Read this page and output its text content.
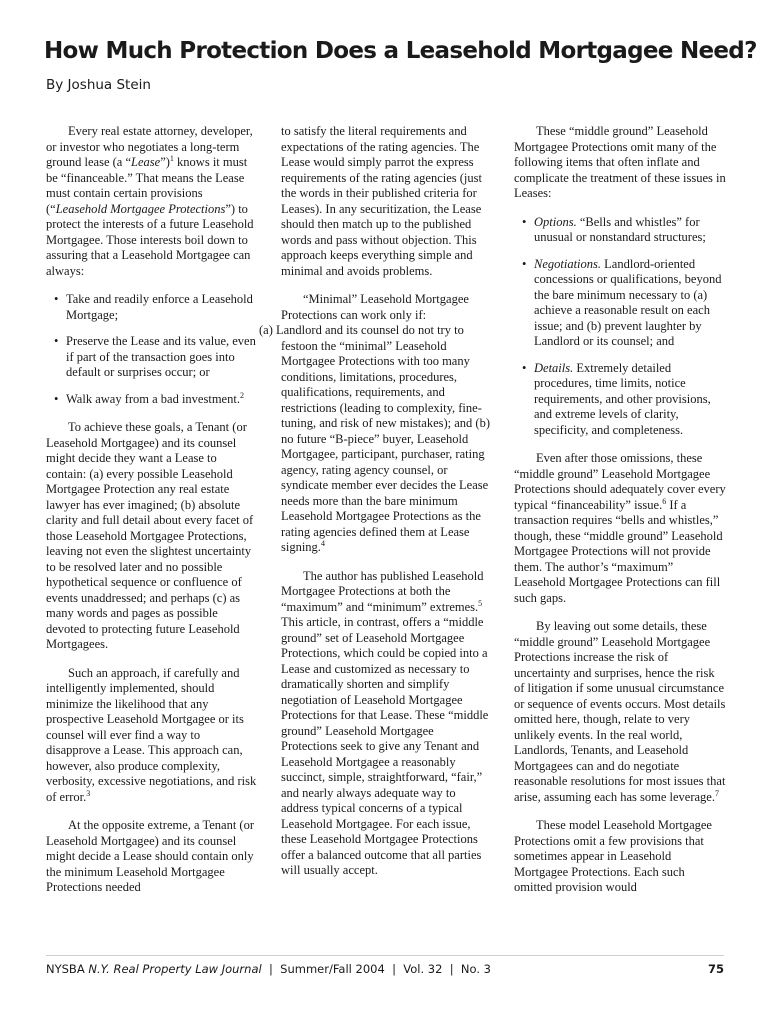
How Much Protection Does a Leasehold Mortgagee Need?
By Joshua Stein

Every real estate attorney, developer, or investor who negotiates a long-term ground lease (a “Lease”)$^1$ knows it must be “financeable.” That means the Lease must contain certain provisions (“Leasehold Mortgagee Protections”) to protect the interests of a future Leasehold Mortgagee. Those interests boil down to assuring that a Leasehold Mortgagee can always:

• Take and readily enforce a Leasehold Mortgage;
• Preserve the Lease and its value, even if part of the transaction goes into default or surprises occur; or
• Walk away from a bad investment.$^2$

To achieve these goals, a Tenant (or Leasehold Mortgagee) and its counsel might decide they want a Lease to contain: (a) every possible Leasehold Mortgagee Protection any real estate lawyer has ever imagined; (b) absolute clarity and full detail about every facet of those Leasehold Mortgagee Protections, leaving not even the slightest uncertainty to be resolved later and no possible hypothetical sequence or confluence of events unaddressed; and perhaps (c) as many words and pages as possible devoted to protecting future Leasehold Mortgagees.

Such an approach, if carefully and intelligently implemented, should minimize the likelihood that any prospective Leasehold Mortgagee or its counsel will ever find a way to disapprove a Lease. This approach can, however, also produce complexity, verbosity, excessive negotiations, and risk of error.$^3$

At the opposite extreme, a Tenant (or Leasehold Mortgagee) and its counsel might decide a Lease should contain only the minimum Leasehold Mortgagee Protections needed

to satisfy the literal requirements and expectations of the rating agencies. The Lease would simply parrot the express requirements of the rating agencies (just the words in their published criteria for Leases). In any securitization, the Lease should then match up to the published words and pass without objection. This approach keeps everything simple and minimal and avoids problems.

“Minimal” Leasehold Mortgagee Protections can work only if:
(a) Landlord and its counsel do not try to festoon the “minimal” Leasehold Mortgagee Protections with too many conditions, limitations, procedures, qualifications, requirements, and restrictions (leading to complexity, fine-tuning, and risk of new mistakes); and (b) no future “B-piece” buyer, Leasehold Mortgagee, participant, purchaser, rating agency, rating agency counsel, or syndicate member ever decides the Lease needs more than the bare minimum Leasehold Mortgagee Protections as the rating agencies defined them at Lease signing.$^4$

The author has published Leasehold Mortgagee Protections at both the “maximum” and “minimum” extremes.$^5$ This article, in contrast, offers a “middle ground” set of Leasehold Mortgagee Protections, which could be copied into a Lease and customized as necessary to dramatically shorten and simplify negotiation of Leasehold Mortgagee Protections for that Lease. These “middle ground” Leasehold Mortgagee Protections seek to give any Tenant and Leasehold Mortgagee a reasonably succinct, simple, straightforward, “fair,” and nearly always adequate way to address typical concerns of a typical Leasehold Mortgagee. For each issue, these Leasehold Mortgagee Protections offer a balanced outcome that all parties will usually accept.

These “middle ground” Leasehold Mortgagee Protections omit many of the following items that often inflate and complicate the treatment of these issues in Leases:

• Options. “Bells and whistles” for unusual or nonstandard structures;
• Negotiations. Landlord-oriented concessions or qualifications, beyond the bare minimum necessary to (a) achieve a reasonable result on each issue; and (b) prevent laughter by Landlord or its counsel; and
• Details. Extremely detailed procedures, time limits, notice requirements, and other provisions, and extreme levels of clarity, specificity, and completeness.

Even after those omissions, these “middle ground” Leasehold Mortgagee Protections should adequately cover every typical “financeability” issue.$^6$ If a transaction requires “bells and whistles,” though, these “middle ground” Leasehold Mortgagee Protections will not provide them. The author’s “maximum” Leasehold Mortgagee Protections can fill such gaps.

By leaving out some details, these “middle ground” Leasehold Mortgagee Protections increase the risk of uncertainty and surprises, hence the risk of litigation if some unusual circumstance or sequence of events occurs. Most details omitted here, though, relate to very unlikely events. In the real world, Landlords, Tenants, and Leasehold Mortgagees can and do negotiate reasonable resolutions for most issues that arise, assuming each has some leverage.$^7$

These model Leasehold Mortgagee Protections omit a few provisions that sometimes appear in Leasehold Mortgagee Protections. Each such omitted provision would

NYSBA N.Y. Real Property Law Journal  |  Summer/Fall 2004  |  Vol. 32  |  No. 3	75
